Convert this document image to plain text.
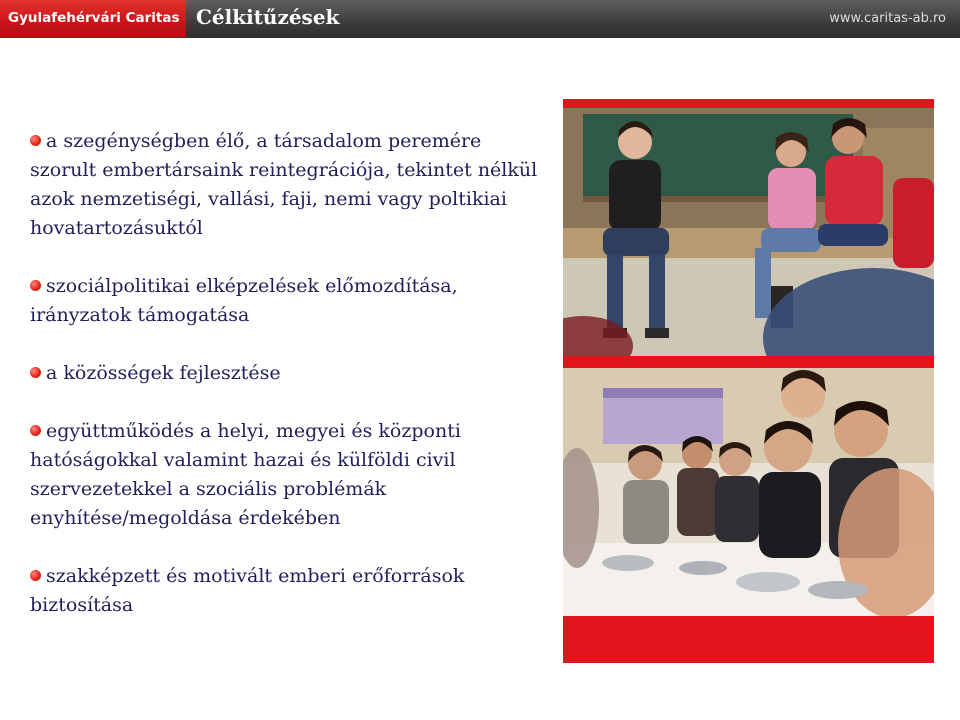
Gyulafehérvári Caritas Célkitűzések	www.caritas-ab.ro
a szegénységben élő, a társadalom peremére szorult embertársaink reintegrációja, tekintet nélkül azok nemzetiségi, vallási, faji, nemi vagy poltikiai hovatartozásuktól
szociálpolitikai elképzelések előmozdítása, irányzatok támogatása
a közösségek fejlesztése
együttműködés a helyi, megyei és központi hatóságokkal valamint hazai és külföldi civil szervezetekkel a szociális problémák enyhítése/megoldása érdekében
szakképzett és motivált emberi erőforrások biztosítása
